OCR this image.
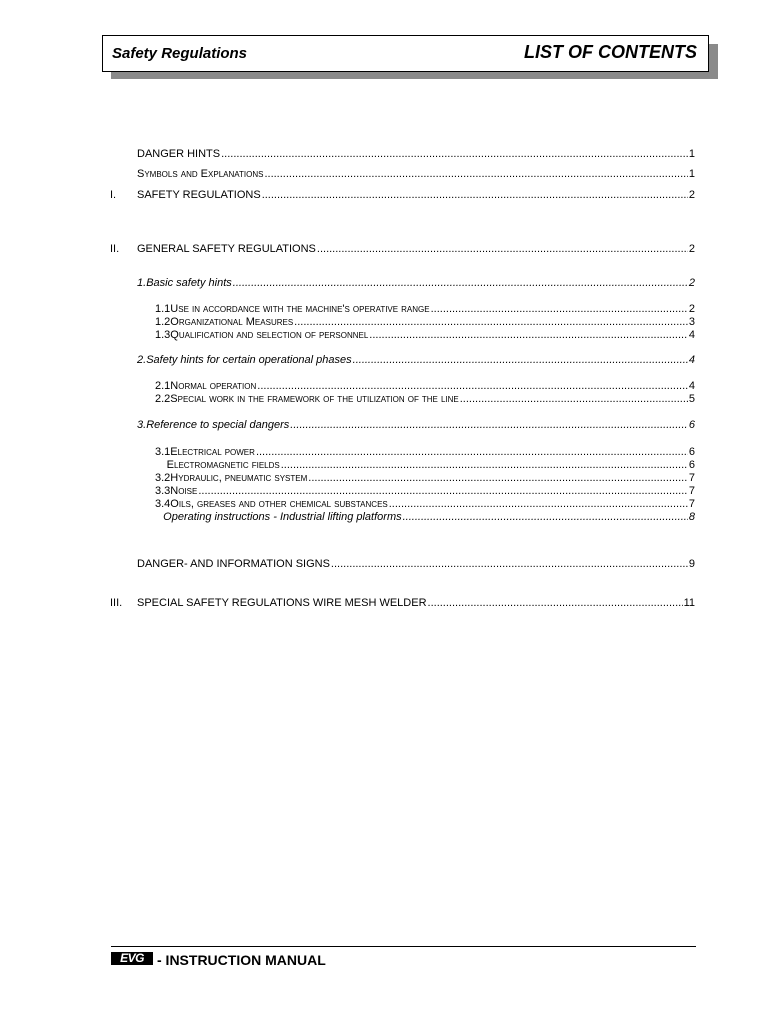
Safety Regulations	LIST OF CONTENTS
DANGER HINTS .....	1
Symbols and Explanations .....	1
I. SAFETY REGULATIONS .....	2
II. GENERAL SAFETY REGULATIONS .....	2
1. Basic safety hints .....	2
1.1 Use in accordance with the machine's operative range .....	2
1.2 Organizational Measures .....	3
1.3 Qualification and selection of personnel .....	4
2. Safety hints for certain operational phases .....	4
2.1 Normal operation .....	4
2.2 Special work in the framework of the utilization of the line .....	5
3. Reference to special dangers .....	6
3.1 Electrical power .....	6
Electromagnetic fields .....	6
3.2 Hydraulic, pneumatic system .....	7
3.3 Noise .....	7
3.4 Oils, greases and other chemical substances .....	7
Operating instructions - Industrial lifting platforms .....	8
DANGER- AND INFORMATION SIGNS .....	9
III. SPECIAL SAFETY REGULATIONS WIRE MESH WELDER .....	11
EVG - INSTRUCTION MANUAL
